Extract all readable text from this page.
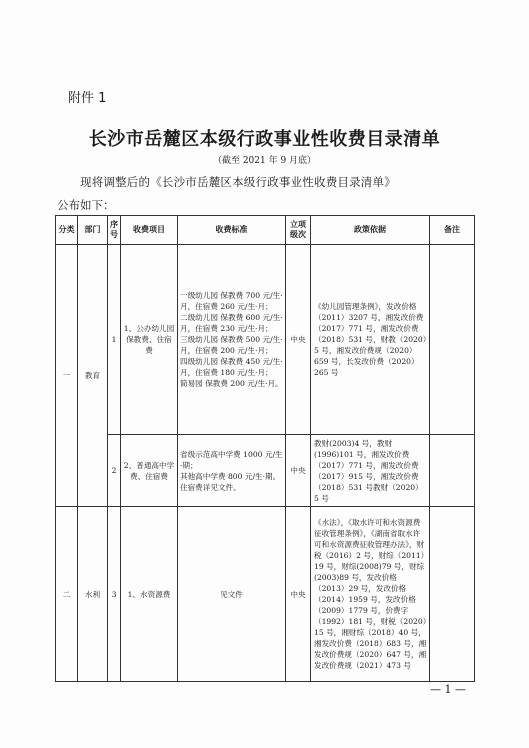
附件 1
长沙市岳麓区本级行政事业性收费目录清单
（截至 2021 年 9 月底）
现将调整后的《长沙市岳麓区本级行政事业性收费目录清单》
公布如下：
分类	部门	序号	收费项目	收费标准	立项级次	政策依据	备注
一	教育	1	1、公办幼儿园保教费、住宿费	一级幼儿园 保教费 700 元/生·月，住宿费 260 元/生·月；
二级幼儿园 保教费 600 元/生·月，住宿费 230 元/生·月；
三级幼儿园 保教费 500 元/生·月，住宿费 200 元/生·月；
四级幼儿园 保教费 450 元/生·月，住宿费 180 元/生·月；
简易园 保教费 200 元/生·月。	中央	《幼儿园管理条例》，发改价格（2011）3207 号，湘发改价费（2017）771 号，湘发改价费（2018）531 号，财教（2020）5 号，湘发改价费规（2020）659 号，长发改价费（2020）265 号	
		2	2、普通高中学费、住宿费	省级示范高中学费 1000 元/生·期；
其他高中学费 800 元/生·期。
住宿费详见文件。	中央	教财(2003)4 号，教财(1996)101 号，湘发改价费（2017）771 号，湘发改价费（2017）915 号，湘发改价费（2018）531 号教财（2020）5 号	
二	水利	3	1、水资源费	见文件	中央	《水法》，《取水许可和水资源费征收管理条例》，《湖南省取水许可和水资源费征收管理办法》，财税（2016）2 号，财综（2011）19 号，财综(2008)79 号，财综(2003)89 号，发改价格（2013）29 号，发改价格（2014）1959 号，发改价格（2009）1779 号，价费字（1992）181 号，财税（2020）15 号，湘财综（2018）40 号，湘发改价费（2018）683 号，湘发改价费规（2020）647 号，湘发改价费规（2021）473 号	
— 1 —
